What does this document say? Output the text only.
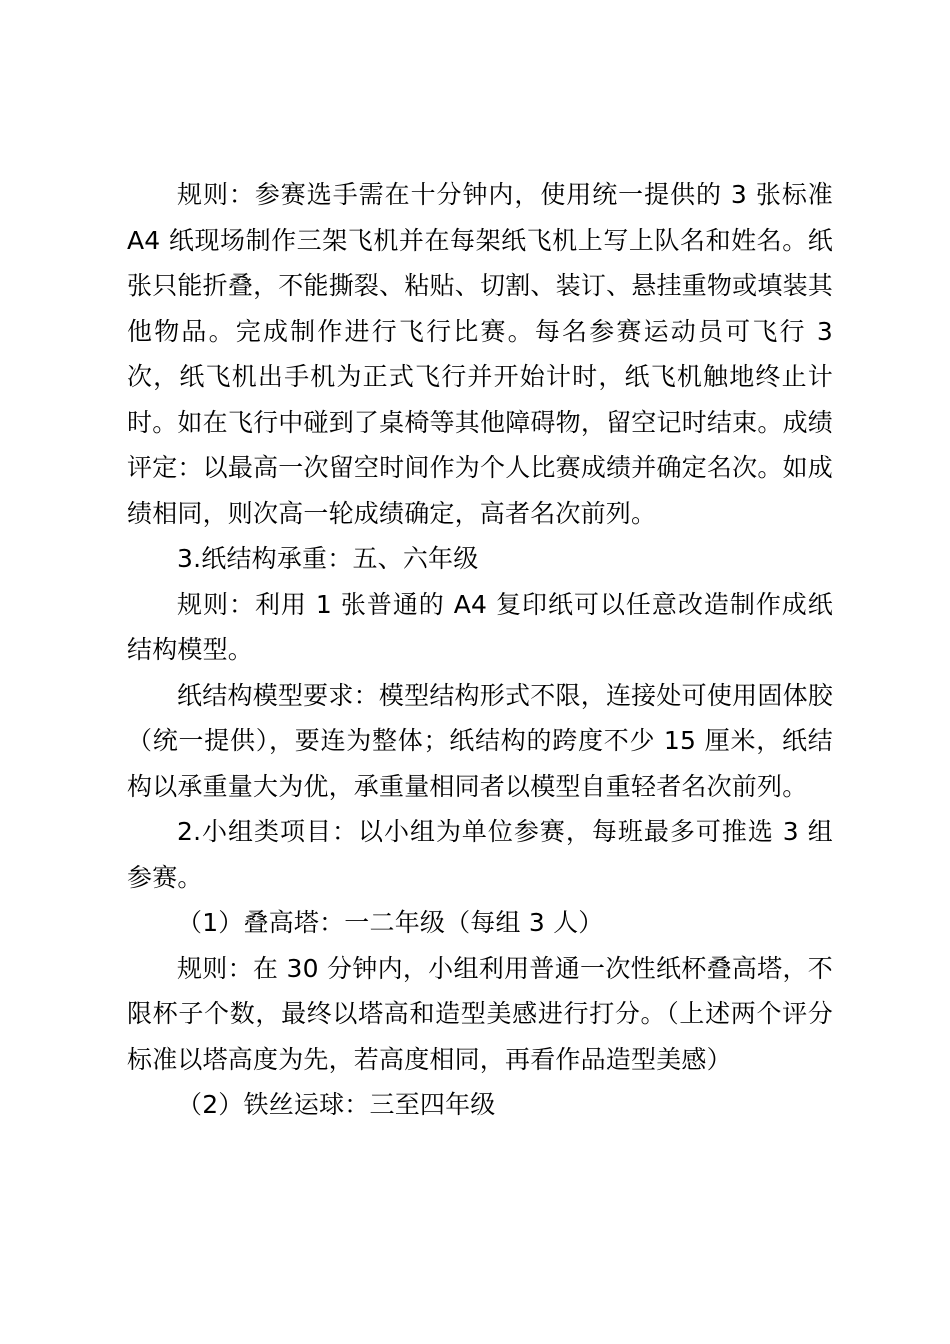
规则：参赛选手需在十分钟内，使用统一提供的 3 张标准 A4 纸现场制作三架飞机并在每架纸飞机上写上队名和姓名。纸张只能折叠，不能撕裂、粘贴、切割、装订、悬挂重物或填装其他物品。完成制作进行飞行比赛。每名参赛运动员可飞行 3 次，纸飞机出手机为正式飞行并开始计时，纸飞机触地终止计时。如在飞行中碰到了桌椅等其他障碍物，留空记时结束。成绩评定：以最高一次留空时间作为个人比赛成绩并确定名次。如成绩相同，则次高一轮成绩确定，高者名次前列。

3.纸结构承重：五、六年级

规则：利用 1 张普通的 A4 复印纸可以任意改造制作成纸结构模型。

纸结构模型要求：模型结构形式不限，连接处可使用固体胶（统一提供），要连为整体；纸结构的跨度不少 15 厘米，纸结构以承重量大为优，承重量相同者以模型自重轻者名次前列。

2.小组类项目：以小组为单位参赛，每班最多可推选 3 组参赛。

（1）叠高塔：一二年级（每组 3 人）

规则：在 30 分钟内，小组利用普通一次性纸杯叠高塔，不限杯子个数，最终以塔高和造型美感进行打分。（上述两个评分标准以塔高度为先，若高度相同，再看作品造型美感）

（2）铁丝运球：三至四年级
